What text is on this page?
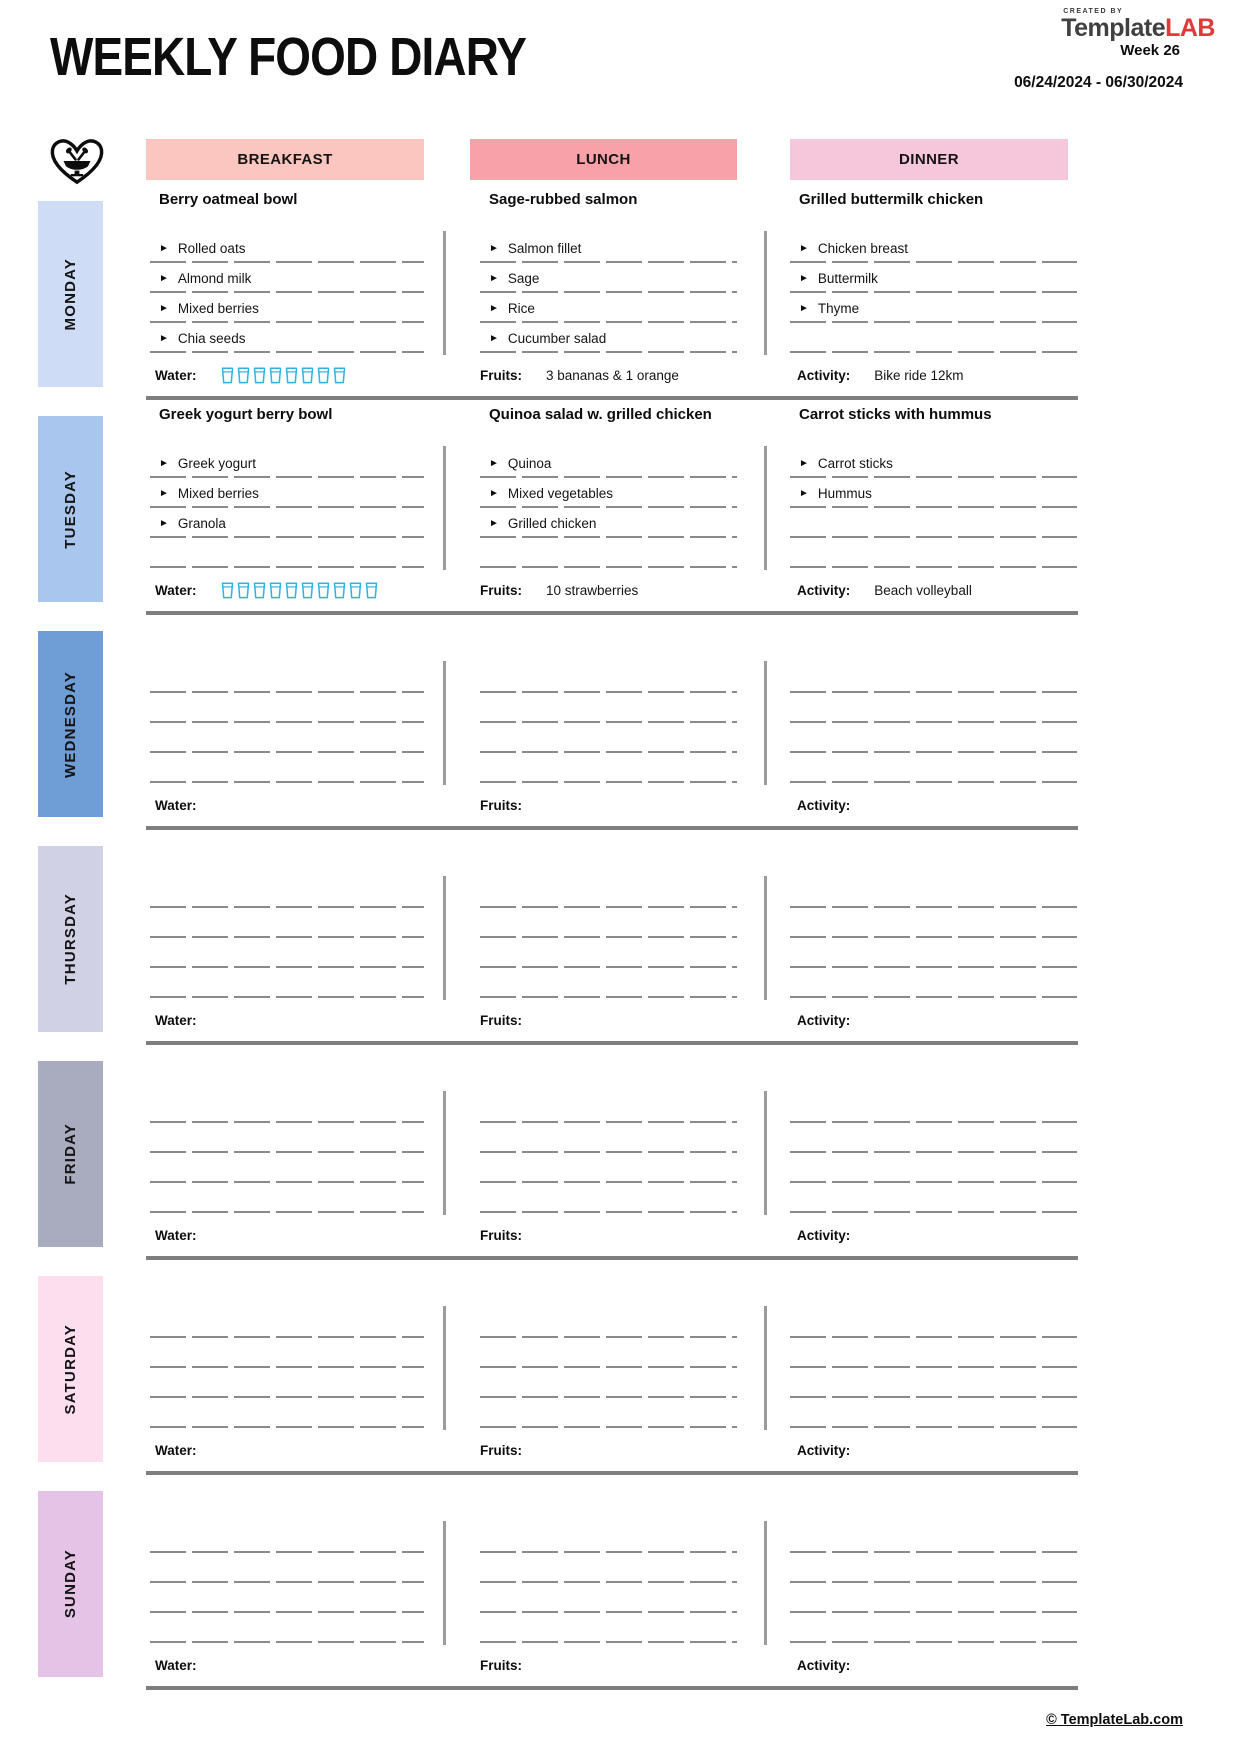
WEEKLY FOOD DIARY
CREATED BY
TemplateLAB
Week 26
06/24/2024 - 06/30/2024
BREAKFAST	LUNCH	DINNER
MONDAY
Berry oatmeal bowl
► Rolled oats
► Almond milk
► Mixed berries
► Chia seeds
Sage-rubbed salmon
► Salmon fillet
► Sage
► Rice
► Cucumber salad
Grilled buttermilk chicken
► Chicken breast
► Buttermilk
► Thyme
Water:	Fruits: 3 bananas & 1 orange	Activity: Bike ride 12km
TUESDAY
Greek yogurt berry bowl
► Greek yogurt
► Mixed berries
► Granola
Quinoa salad w. grilled chicken
► Quinoa
► Mixed vegetables
► Grilled chicken
Carrot sticks with hummus
► Carrot sticks
► Hummus
Water:	Fruits: 10 strawberries	Activity: Beach volleyball
WEDNESDAY
Water:	Fruits:	Activity:
THURSDAY
Water:	Fruits:	Activity:
FRIDAY
Water:	Fruits:	Activity:
SATURDAY
Water:	Fruits:	Activity:
SUNDAY
Water:	Fruits:	Activity:
© TemplateLab.com
